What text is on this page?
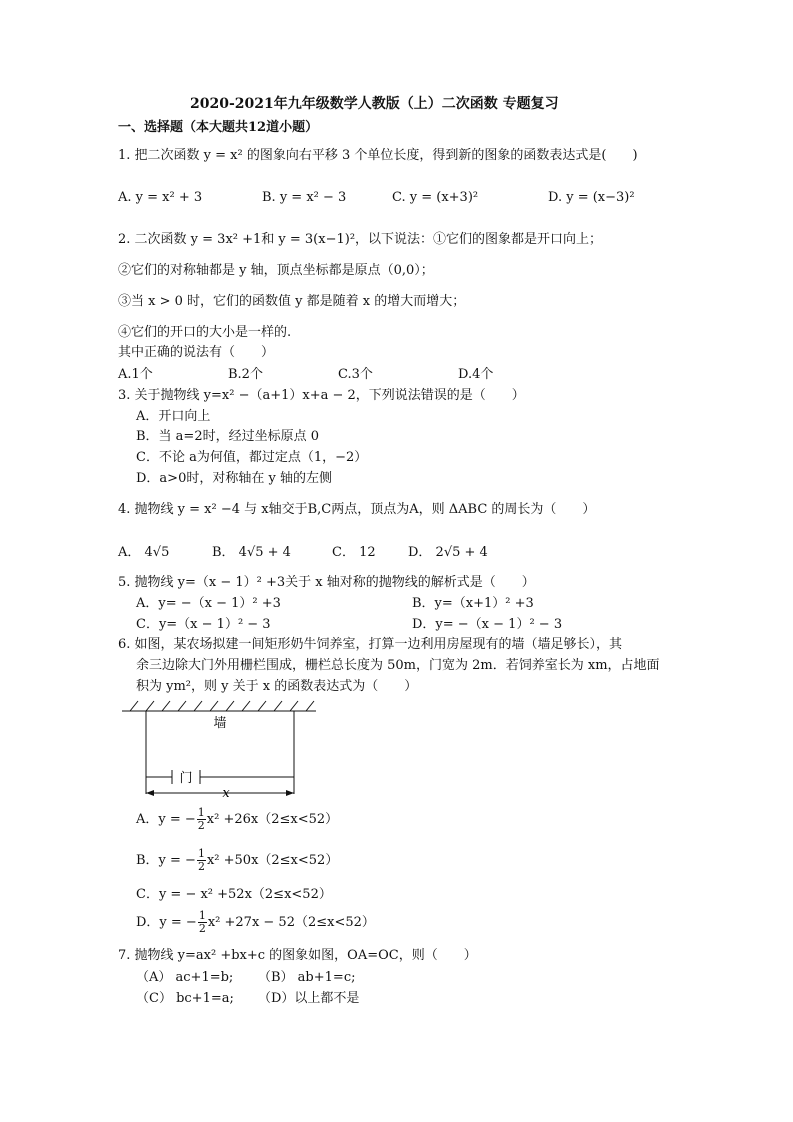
2020-2021年九年级数学人教版（上）二次函数 专题复习
一、选择题（本大题共12道小题）
1. 把二次函数 y = x² 的图象向右平移 3 个单位长度，得到新的图象的函数表达式是(　　)
A. y = x² + 3	B. y = x² − 3	C. y = (x+3)²	D. y = (x−3)²
2. 二次函数 y = 3x² +1和 y = 3(x−1)²，以下说法：①它们的图象都是开口向上；
②它们的对称轴都是 y 轴，顶点坐标都是原点（0,0）；
③当 x > 0 时，它们的函数值 y 都是随着 x 的增大而增大；
④它们的开口的大小是一样的.
其中正确的说法有（　　）
A.1个	B.2个	C.3个	D.4个
3. 关于抛物线 y=x² −（a+1）x+a − 2，下列说法错误的是（　　）
A．开口向上
B．当 a=2时，经过坐标原点 0
C．不论 a为何值，都过定点（1，−2）
D．a>0时，对称轴在 y 轴的左侧
4. 抛物线 y = x² −4 与 x轴交于B,C两点，顶点为A，则 ΔABC 的周长为（　　）
A． 4√5	B． 4√5 + 4	C． 12 D． 2√5 + 4
5. 抛物线 y=（x − 1）² +3关于 x 轴对称的抛物线的解析式是（　　）
A．y= −（x − 1）² +3	B．y=（x+1）² +3
C．y=（x − 1）² − 3	D．y= −（x − 1）² − 3
6. 如图，某农场拟建一间矩形奶牛饲养室，打算一边利用房屋现有的墙（墙足够长），其
余三边除大门外用栅栏围成，栅栏总长度为 50m，门宽为 2m．若饲养室长为 xm，占地面
积为 ym²，则 y 关于 x 的函数表达式为（　　）
墙
门
x
A．y = − $\frac{1}{2} x^2 +26x(2\le x<52)$
B．y = − $\frac{1}{2} x^2 +50x(2\le x<52)$
C．y = − x² +52x（2≤x<52）
D．y = − $\frac{1}{2} x^2 +27x - 52(2\le x<52)$
7. 抛物线 y=ax² +bx+c 的图象如图，OA=OC，则（　　）
（A） ac+1=b; （B） ab+1=c;
（C） bc+1=a; （D）以上都不是
